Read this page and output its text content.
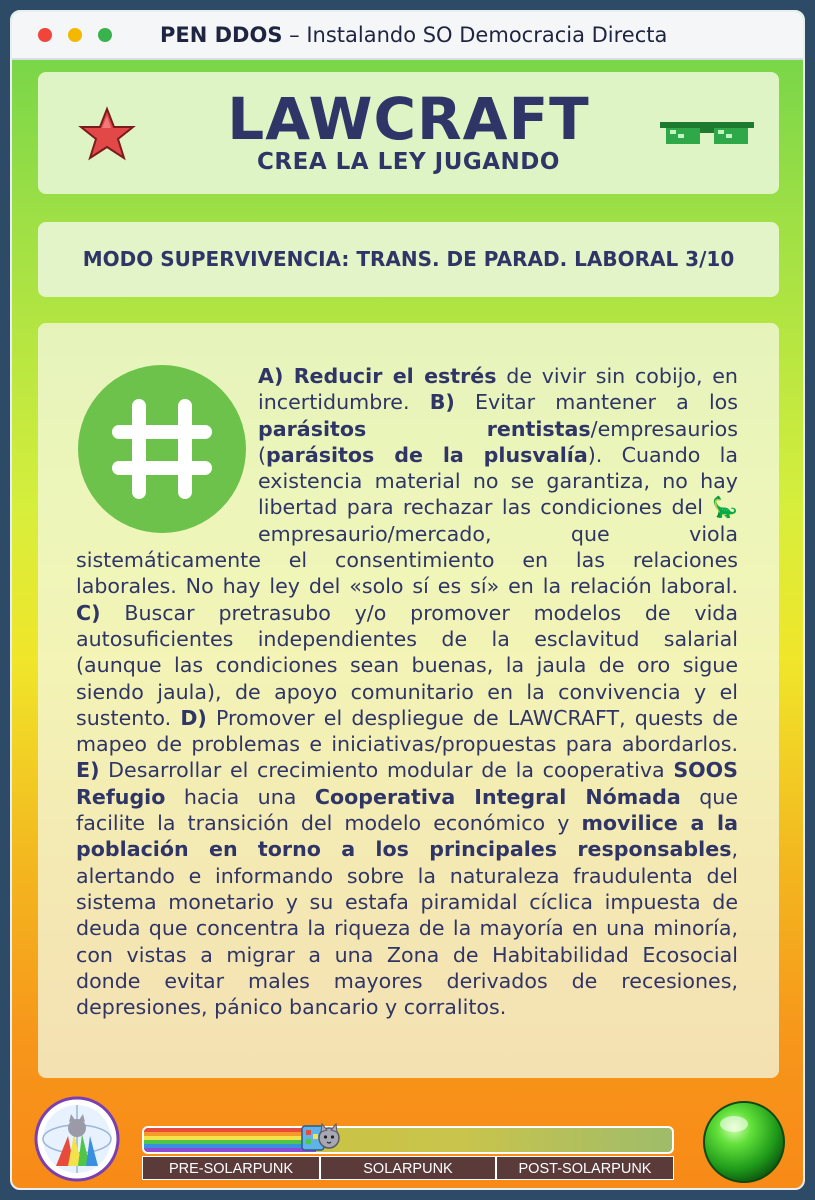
PEN DDOS – Instalando SO Democracia Directa
LAWCRAFT
CREA LA LEY JUGANDO
MODO SUPERVIVENCIA: TRANS. DE PARAD. LABORAL 3/10
A) Reducir el estrés de vivir sin cobijo, en incertidumbre. B) Evitar mantener a los parásitos rentistas/empresaurios (parásitos de la plusvalía). Cuando la existencia material no se garantiza, no hay libertad para rechazar las condiciones del 🦕empresaurio/mercado, que viola sistemáticamente el consentimiento en las relaciones laborales. No hay ley del «solo sí es sí» en la relación laboral. C) Buscar pretrasubo y/o promover modelos de vida autosuficientes independientes de la esclavitud salarial (aunque las condiciones sean buenas, la jaula de oro sigue siendo jaula), de apoyo comunitario en la convivencia y el sustento. D) Promover el despliegue de LAWCRAFT, quests de mapeo de problemas e iniciativas/propuestas para abordarlos. E) Desarrollar el crecimiento modular de la cooperativa SOOS Refugio hacia una Cooperativa Integral Nómada que facilite la transición del modelo económico y movilice a la población en torno a los principales responsables, alertando e informando sobre la naturaleza fraudulenta del sistema monetario y su estafa piramidal cíclica impuesta de deuda que concentra la riqueza de la mayoría en una minoría, con vistas a migrar a una Zona de Habitabilidad Ecosocial donde evitar males mayores derivados de recesiones, depresiones, pánico bancario y corralitos.
PRE-SOLARPUNK	SOLARPUNK	POST-SOLARPUNK
